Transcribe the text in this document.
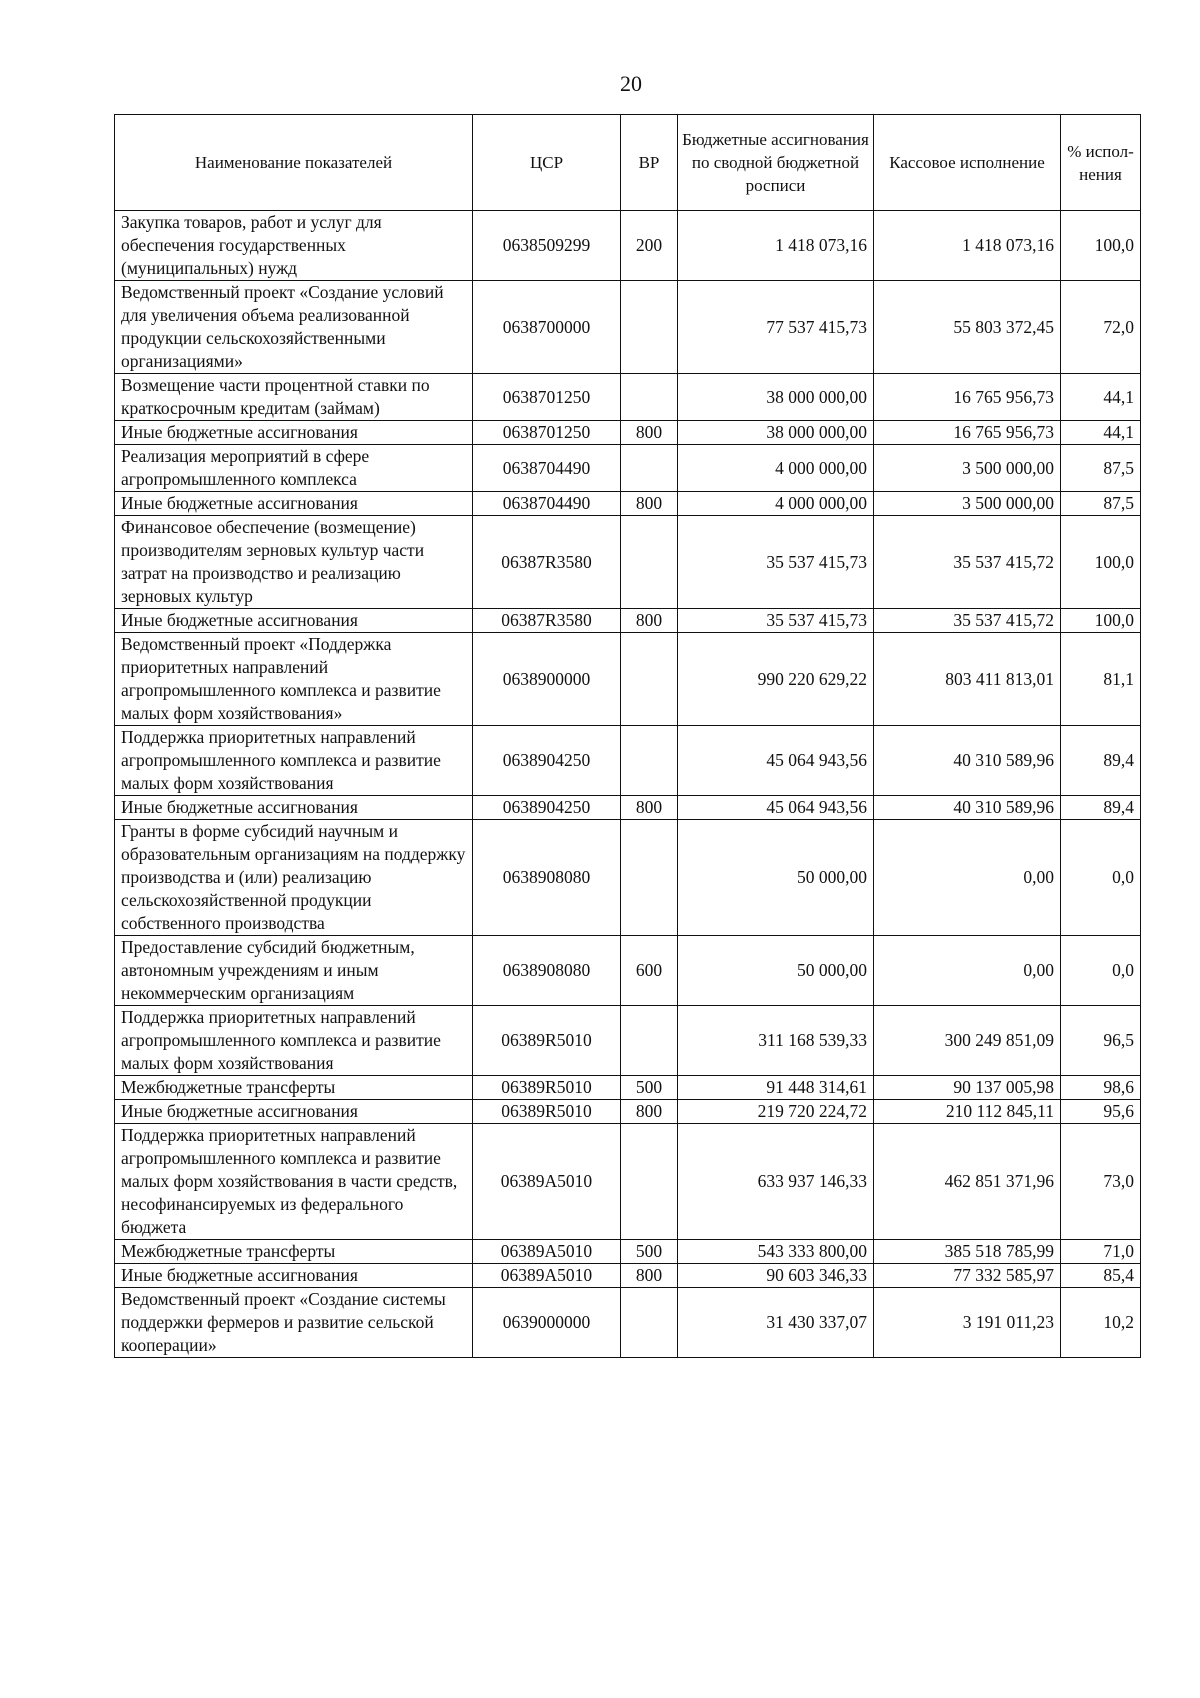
20
Наименование показателей	ЦСР	ВР	Бюджетные ассигнования по сводной бюджетной росписи	Кассовое исполнение	% испол-нения
Закупка товаров, работ и услуг для обеспечения государственных (муниципальных) нужд	0638509299	200	1 418 073,16	1 418 073,16	100,0
Ведомственный проект «Создание условий для увеличения объема реализованной продукции сельскохозяйственными организациями»	0638700000		77 537 415,73	55 803 372,45	72,0
Возмещение части процентной ставки по краткосрочным кредитам (займам)	0638701250		38 000 000,00	16 765 956,73	44,1
Иные бюджетные ассигнования	0638701250	800	38 000 000,00	16 765 956,73	44,1
Реализация мероприятий в сфере агропромышленного комплекса	0638704490		4 000 000,00	3 500 000,00	87,5
Иные бюджетные ассигнования	0638704490	800	4 000 000,00	3 500 000,00	87,5
Финансовое обеспечение (возмещение) производителям зерновых культур части затрат на производство и реализацию зерновых культур	06387R3580		35 537 415,73	35 537 415,72	100,0
Иные бюджетные ассигнования	06387R3580	800	35 537 415,73	35 537 415,72	100,0
Ведомственный проект «Поддержка приоритетных направлений агропромышленного комплекса и развитие малых форм хозяйствования»	0638900000		990 220 629,22	803 411 813,01	81,1
Поддержка приоритетных направлений агропромышленного комплекса и развитие малых форм хозяйствования	0638904250		45 064 943,56	40 310 589,96	89,4
Иные бюджетные ассигнования	0638904250	800	45 064 943,56	40 310 589,96	89,4
Гранты в форме субсидий научным и образовательным организациям на поддержку производства и (или) реализацию сельскохозяйственной продукции собственного производства	0638908080		50 000,00	0,00	0,0
Предоставление субсидий бюджетным, автономным учреждениям и иным некоммерческим организациям	0638908080	600	50 000,00	0,00	0,0
Поддержка приоритетных направлений агропромышленного комплекса и развитие малых форм хозяйствования	06389R5010		311 168 539,33	300 249 851,09	96,5
Межбюджетные трансферты	06389R5010	500	91 448 314,61	90 137 005,98	98,6
Иные бюджетные ассигнования	06389R5010	800	219 720 224,72	210 112 845,11	95,6
Поддержка приоритетных направлений агропромышленного комплекса и развитие малых форм хозяйствования в части средств, несофинансируемых из федерального бюджета	06389A5010		633 937 146,33	462 851 371,96	73,0
Межбюджетные трансферты	06389A5010	500	543 333 800,00	385 518 785,99	71,0
Иные бюджетные ассигнования	06389A5010	800	90 603 346,33	77 332 585,97	85,4
Ведомственный проект «Создание системы поддержки фермеров и развитие сельской кооперации»	0639000000		31 430 337,07	3 191 011,23	10,2
